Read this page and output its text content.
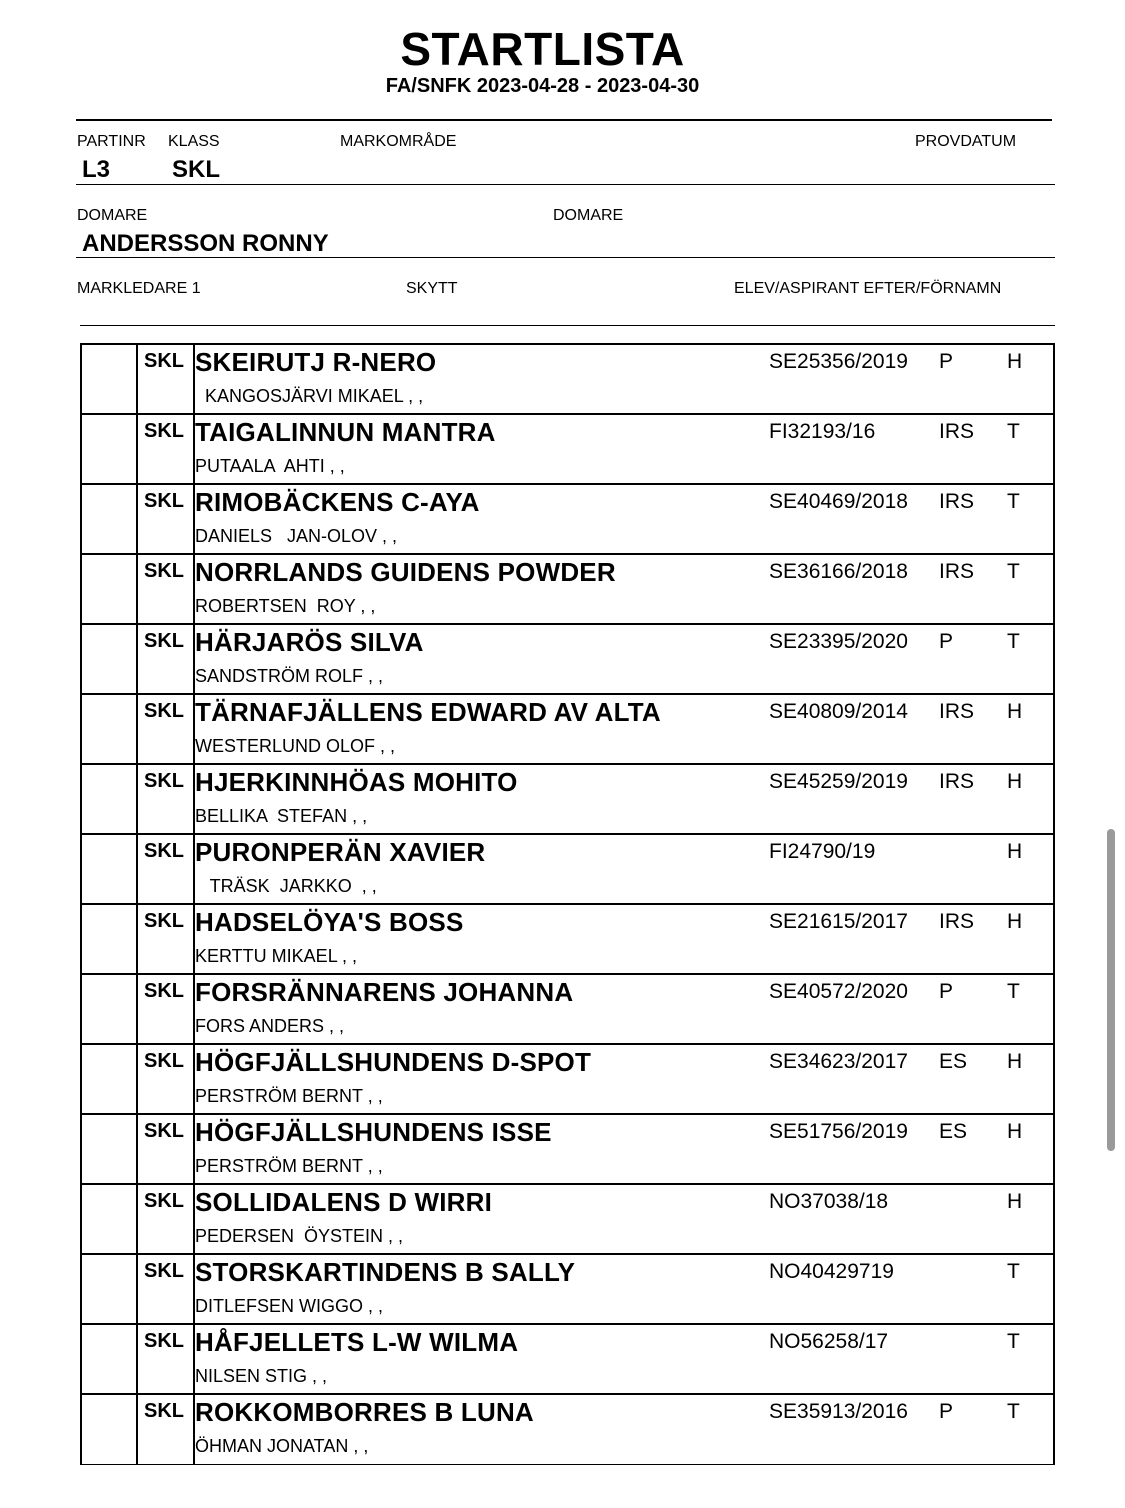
STARTLISTA
FA/SNFK 2023-04-28 - 2023-04-30
PARTINR KLASS	MARKOMRÅDE	PROVDATUM
L3	SKL
DOMARE	DOMARE
ANDERSSON RONNY
MARKLEDARE 1	SKYTT	ELEV/ASPIRANT EFTER/FÖRNAMN
SKL SKEIRUTJ R-NERO	SE25356/2019 P	H
KANGOSJÄRVI MIKAEL , ,
SKL TAIGALINNUN MANTRA	FI32193/16	IRS T
PUTAALA  AHTI , ,
SKL RIMOBÄCKENS C-AYA	SE40469/2018 IRS T
DANIELS   JAN-OLOV , ,
SKL NORRLANDS GUIDENS POWDER	SE36166/2018 IRS T
ROBERTSEN  ROY , ,
SKL HÄRJARÖS SILVA	SE23395/2020 P	T
SANDSTRÖM ROLF , ,
SKL TÄRNAFJÄLLENS EDWARD AV ALTA	SE40809/2014 IRS H
WESTERLUND OLOF , ,
SKL HJERKINNHÖAS MOHITO	SE45259/2019 IRS H
BELLIKA  STEFAN , ,
SKL PURONPERÄN XAVIER	FI24790/19	H
TRÄSK  JARKKO  , ,
SKL HADSELÖYA'S BOSS	SE21615/2017 IRS H
KERTTU MIKAEL , ,
SKL FORSRÄNNARENS JOHANNA	SE40572/2020 P	T
FORS ANDERS , ,
SKL HÖGFJÄLLSHUNDENS D-SPOT	SE34623/2017 ES H
PERSTRÖM BERNT , ,
SKL HÖGFJÄLLSHUNDENS ISSE	SE51756/2019 ES H
PERSTRÖM BERNT , ,
SKL SOLLIDALENS D WIRRI	NO37038/18	H
PEDERSEN  ÖYSTEIN , ,
SKL STORSKARTINDENS B SALLY	NO40429719	T
DITLEFSEN WIGGO , ,
SKL HÅFJELLETS L-W WILMA	NO56258/17	T
NILSEN STIG , ,
SKL ROKKOMBORRES B LUNA	SE35913/2016 P	T
ÖHMAN JONATAN , ,
